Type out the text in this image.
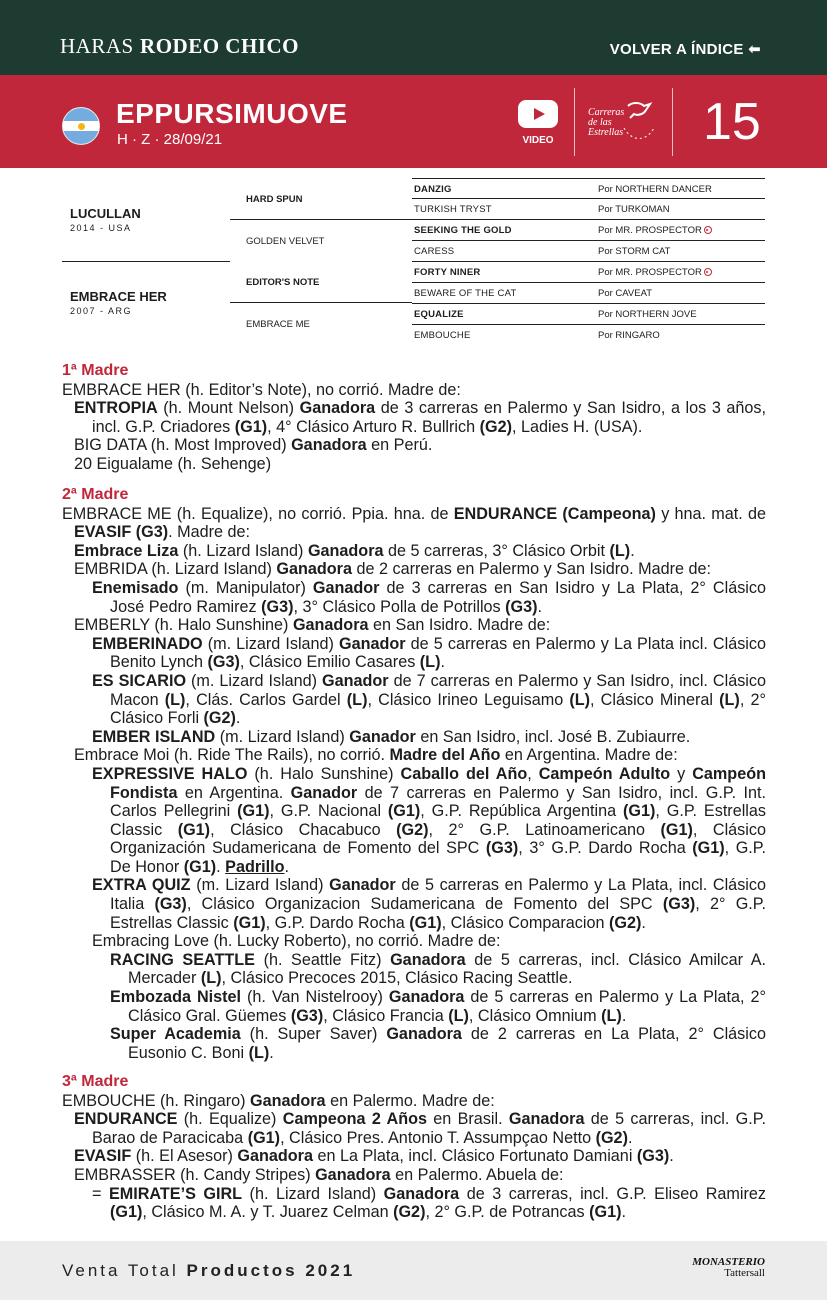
HARAS RODEO CHICO	VOLVER A ÍNDICE ⬅
EPPURSIMUOVE
H · Z · 28/09/21	VIDEO
Carreras de las Estrellas 15
LUCULLAN
2014 - USA
EMBRACE HER
2007 - ARG
HARD SPUN
GOLDEN VELVET
EDITOR'S NOTE
EMBRACE ME
DANZIG	Por NORTHERN DANCER
TURKISH TRYST	Por TURKOMAN
SEEKING THE GOLD	Por MR. PROSPECTOR
CARESS	Por STORM CAT
FORTY NINER	Por MR. PROSPECTOR
BEWARE OF THE CAT	Por CAVEAT
EQUALIZE	Por NORTHERN JOVE
EMBOUCHE	Por RINGARO

1ª Madre

EMBRACE HER (h. Editor’s Note), no corrió. Madre de:

ENTROPIA (h. Mount Nelson) Ganadora de 3 carreras en Palermo y San Isidro, a los 3 años, incl. G.P. Criadores (G1), 4° Clásico Arturo R. Bullrich (G2), Ladies H. (USA).

BIG DATA (h. Most Improved) Ganadora en Perú.

20 Eigualame (h. Sehenge)

2ª Madre

EMBRACE ME (h. Equalize), no corrió. Ppia. hna. de ENDURANCE (Campeona) y hna. mat. de EVASIF (G3). Madre de:

Embrace Liza (h. Lizard Island) Ganadora de 5 carreras, 3° Clásico Orbit (L).

EMBRIDA (h. Lizard Island) Ganadora de 2 carreras en Palermo y San Isidro. Madre de:

Enemisado (m. Manipulator) Ganador de 3 carreras en San Isidro y La Plata, 2° Clásico José Pedro Ramirez (G3), 3° Clásico Polla de Potrillos (G3).

EMBERLY (h. Halo Sunshine) Ganadora en San Isidro. Madre de:

EMBERINADO (m. Lizard Island) Ganador de 5 carreras en Palermo y La Plata incl. Clásico Benito Lynch (G3), Clásico Emilio Casares (L).

ES SICARIO (m. Lizard Island) Ganador de 7 carreras en Palermo y San Isidro, incl. Clásico Macon (L), Clás. Carlos Gardel (L), Clásico Irineo Leguisamo (L), Clásico Mineral (L), 2° Clásico Forli (G2).

EMBER ISLAND (m. Lizard Island) Ganador en San Isidro, incl. José B. Zubiaurre.

Embrace Moi (h. Ride The Rails), no corrió. Madre del Año en Argentina. Madre de:

EXPRESSIVE HALO (h. Halo Sunshine) Caballo del Año, Campeón Adulto y Campeón Fondista en Argentina. Ganador de 7 carreras en Palermo y San Isidro, incl. G.P. Int. Carlos Pellegrini (G1), G.P. Nacional (G1), G.P. República Argentina (G1), G.P. Estrellas Classic (G1), Clásico Chacabuco (G2), 2° G.P. Latinoamericano (G1), Clásico Organización Sudamericana de Fomento del SPC (G3), 3° G.P. Dardo Rocha (G1), G.P. De Honor (G1). Padrillo.

EXTRA QUIZ (m. Lizard Island) Ganador de 5 carreras en Palermo y La Plata, incl. Clásico Italia (G3), Clásico Organizacion Sudamericana de Fomento del SPC (G3), 2° G.P. Estrellas Classic (G1), G.P. Dardo Rocha (G1), Clásico Comparacion (G2).

Embracing Love (h. Lucky Roberto), no corrió. Madre de:

RACING SEATTLE (h. Seattle Fitz) Ganadora de 5 carreras, incl. Clásico Amilcar A. Mercader (L), Clásico Precoces 2015, Clásico Racing Seattle.

Embozada Nistel (h. Van Nistelrooy) Ganadora de 5 carreras en Palermo y La Plata, 2° Clásico Gral. Güemes (G3), Clásico Francia (L), Clásico Omnium (L).

Super Academia (h. Super Saver) Ganadora de 2 carreras en La Plata, 2° Clásico Eusonio C. Boni (L).

3ª Madre

EMBOUCHE (h. Ringaro) Ganadora en Palermo. Madre de:

ENDURANCE (h. Equalize) Campeona 2 Años en Brasil. Ganadora de 5 carreras, incl. G.P. Barao de Paracicaba (G1), Clásico Pres. Antonio T. Assumpçao Netto (G2).

EVASIF (h. El Asesor) Ganadora en La Plata, incl. Clásico Fortunato Damiani (G3).

EMBRASSER (h. Candy Stripes) Ganadora en Palermo. Abuela de:

= EMIRATE’S GIRL (h. Lizard Island) Ganadora de 3 carreras, incl. G.P. Eliseo Ramirez (G1), Clásico M. A. y T. Juarez Celman (G2), 2° G.P. de Potrancas (G1).

Venta Total Productos 2021	MONASTERIO
Tattersall
